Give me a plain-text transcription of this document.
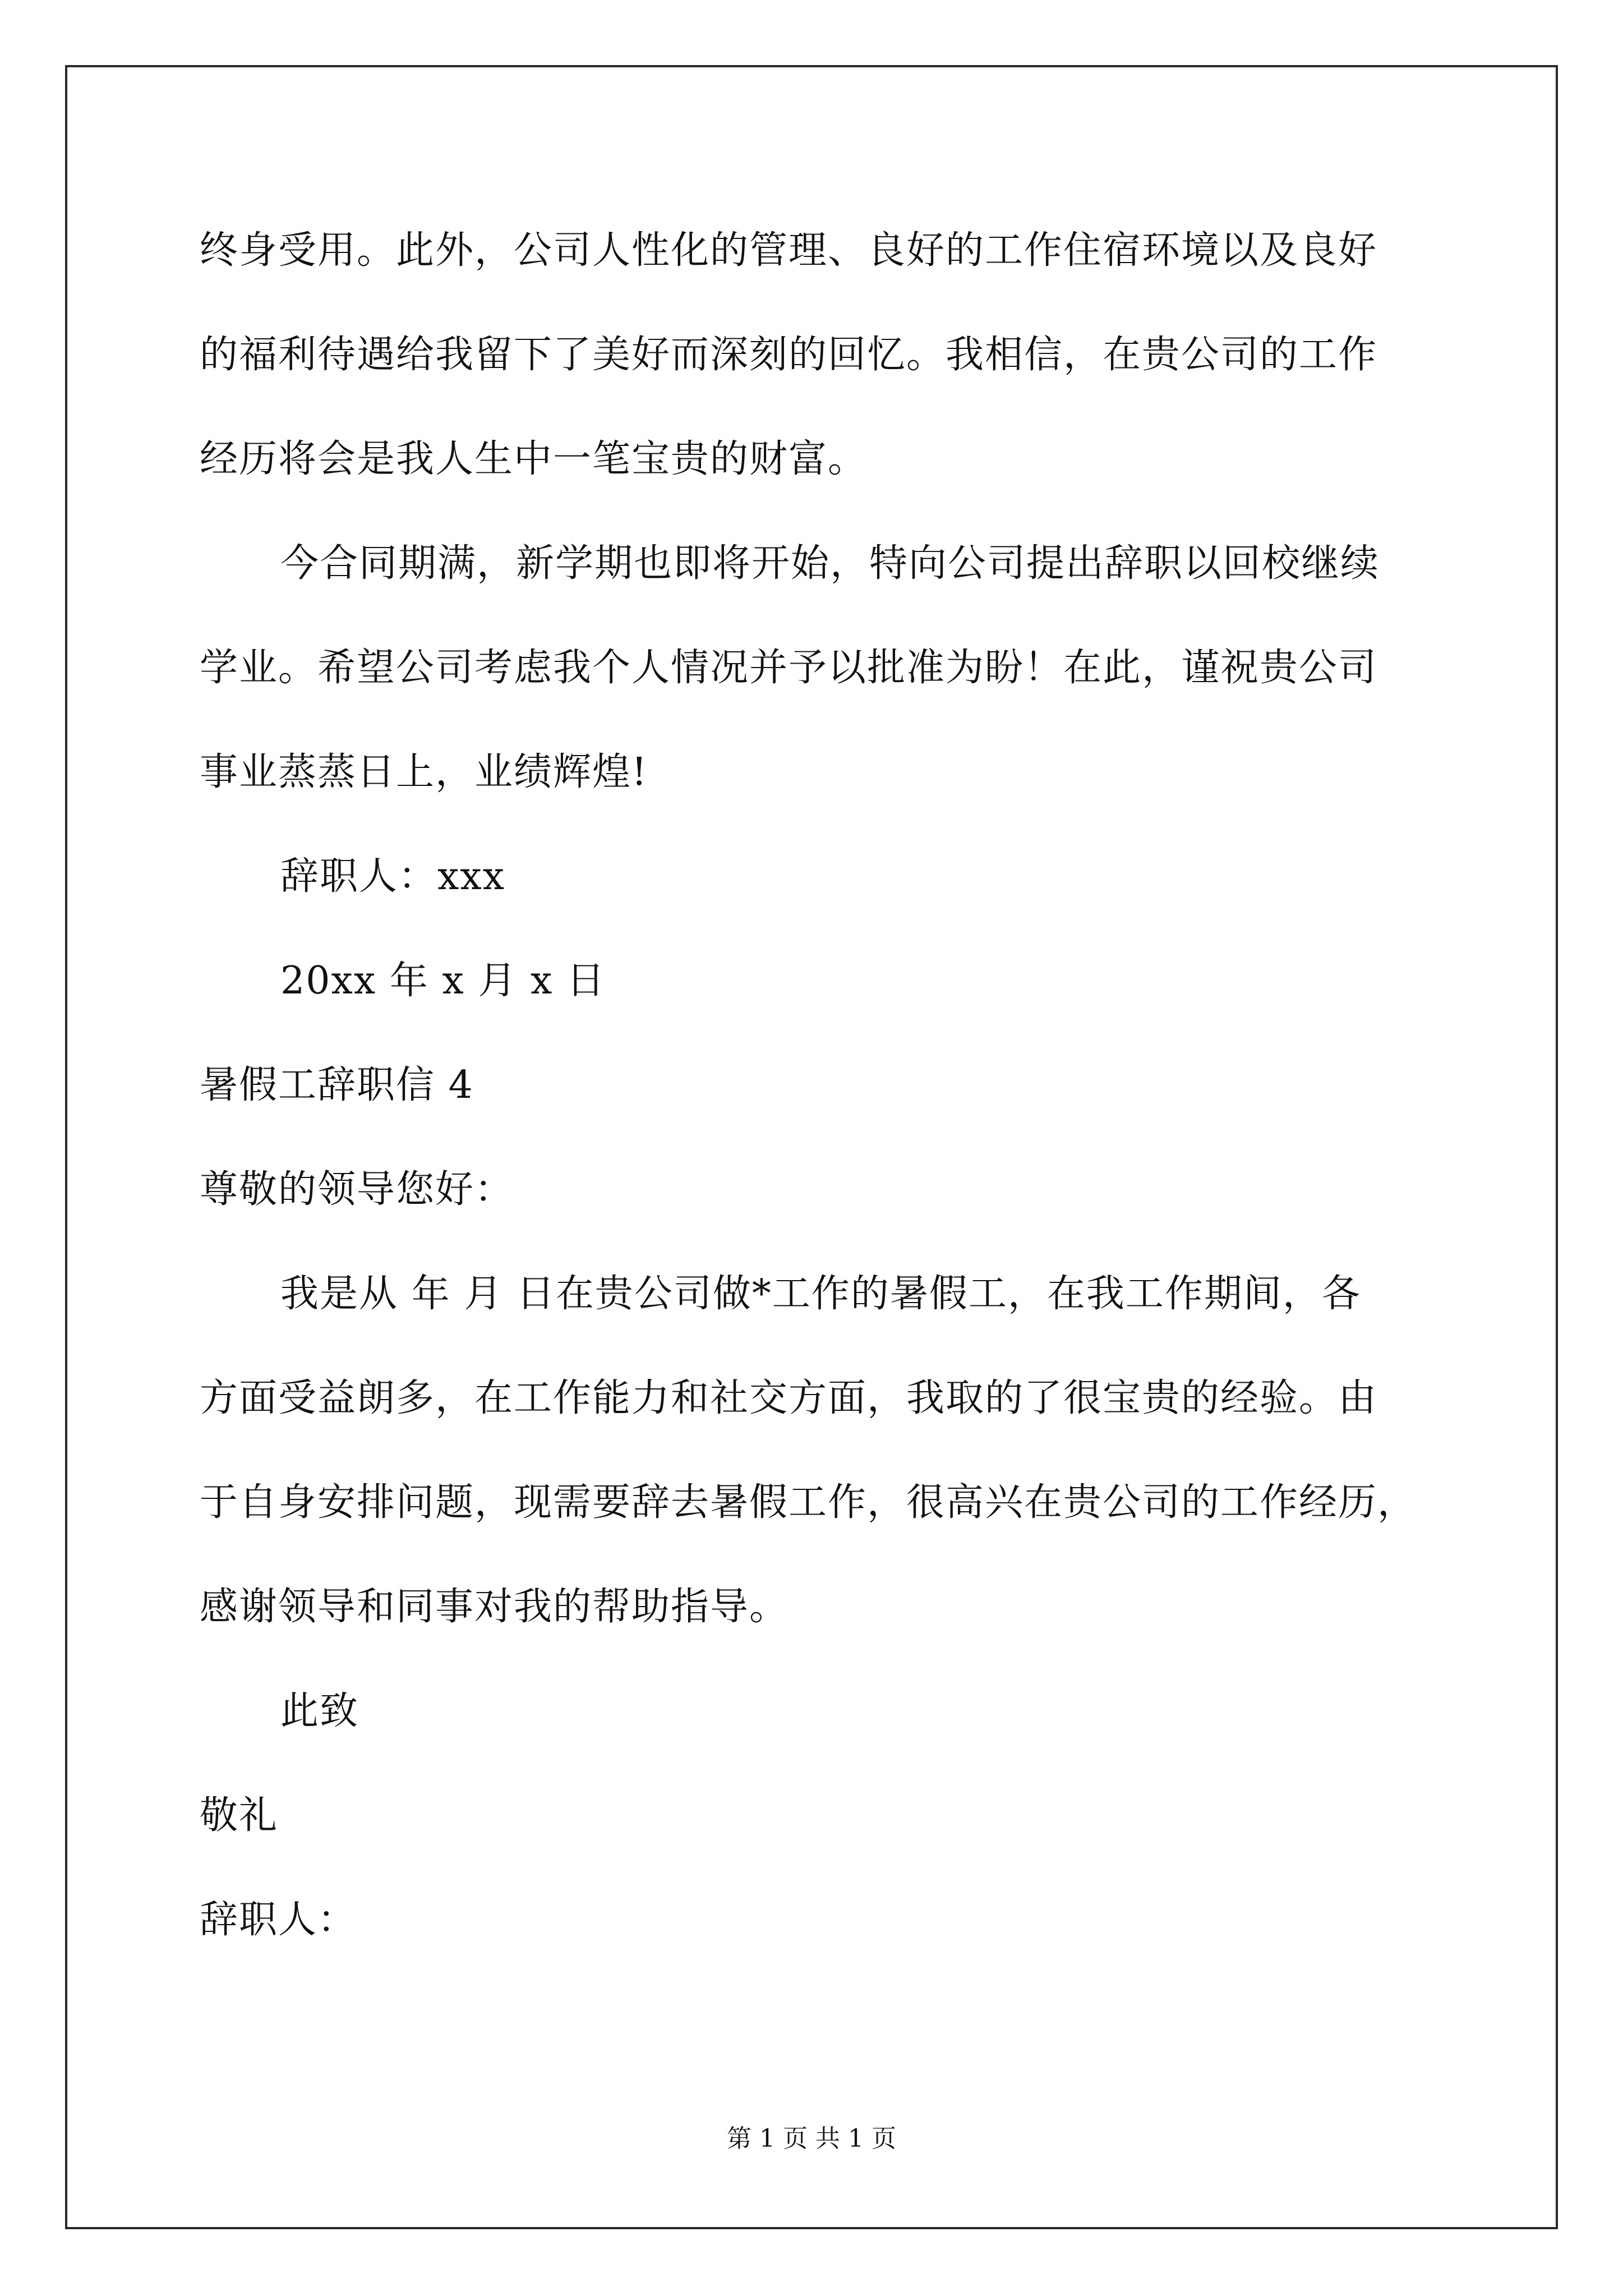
终身受用。此外，公司人性化的管理、良好的工作住宿环境以及良好
的福利待遇给我留下了美好而深刻的回忆。我相信，在贵公司的工作
经历将会是我人生中一笔宝贵的财富。
今合同期满，新学期也即将开始，特向公司提出辞职以回校继续
学业。希望公司考虑我个人情况并予以批准为盼！在此，谨祝贵公司
事业蒸蒸日上，业绩辉煌!
辞职人：xxx
20xx 年 x 月 x 日
暑假工辞职信 4
尊敬的领导您好：
我是从 年 月 日在贵公司做*工作的暑假工，在我工作期间，各
方面受益朗多，在工作能力和社交方面，我取的了很宝贵的经验。由
于自身安排问题，现需要辞去暑假工作，很高兴在贵公司的工作经历，
感谢领导和同事对我的帮助指导。
此致
敬礼
辞职人：
第 1 页 共 1 页
